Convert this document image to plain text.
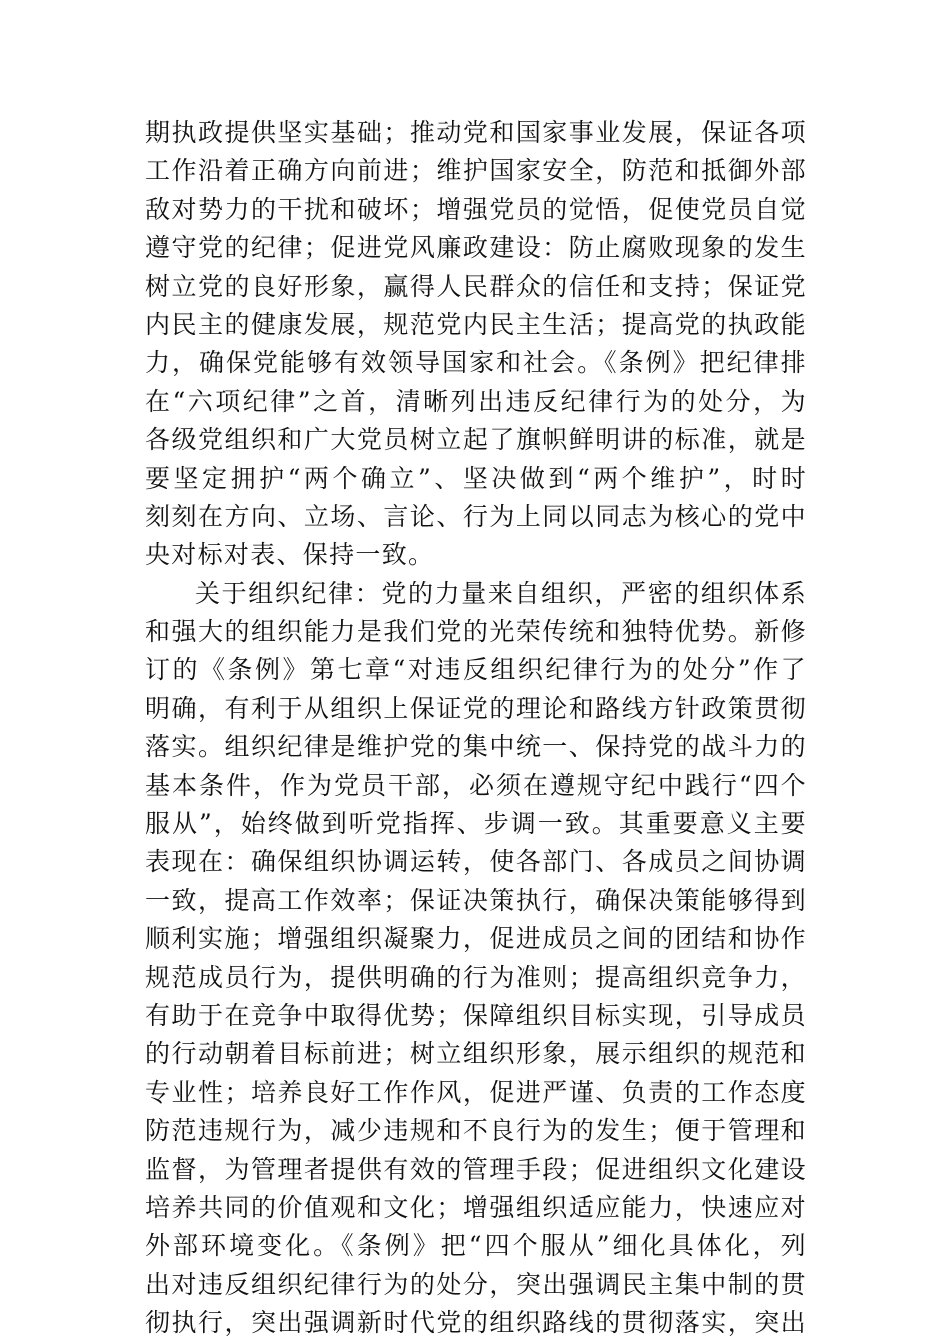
期执政提供坚实基础；推动党和国家事业发展，保证各项
工作沿着正确方向前进；维护国家安全，防范和抵御外部
敌对势力的干扰和破坏；增强党员的觉悟，促使党员自觉
遵守党的纪律；促进党风廉政建设：防止腐败现象的发生
树立党的良好形象，赢得人民群众的信任和支持；保证党
内民主的健康发展，规范党内民主生活；提高党的执政能
力，确保党能够有效领导国家和社会。《条例》把纪律排
在“六项纪律”之首，清晰列出违反纪律行为的处分，为
各级党组织和广大党员树立起了旗帜鲜明讲的标准，就是
要坚定拥护“两个确立”、坚决做到“两个维护”，时时
刻刻在方向、立场、言论、行为上同以同志为核心的党中
央对标对表、保持一致。
关于组织纪律：党的力量来自组织，严密的组织体系
和强大的组织能力是我们党的光荣传统和独特优势。新修
订的《条例》第七章“对违反组织纪律行为的处分”作了
明确，有利于从组织上保证党的理论和路线方针政策贯彻
落实。组织纪律是维护党的集中统一、保持党的战斗力的
基本条件，作为党员干部，必须在遵规守纪中践行“四个
服从”，始终做到听党指挥、步调一致。其重要意义主要
表现在：确保组织协调运转，使各部门、各成员之间协调
一致，提高工作效率；保证决策执行，确保决策能够得到
顺利实施；增强组织凝聚力，促进成员之间的团结和协作
规范成员行为，提供明确的行为准则；提高组织竞争力，
有助于在竞争中取得优势；保障组织目标实现，引导成员
的行动朝着目标前进；树立组织形象，展示组织的规范和
专业性；培养良好工作作风，促进严谨、负责的工作态度
防范违规行为，减少违规和不良行为的发生；便于管理和
监督，为管理者提供有效的管理手段；促进组织文化建设
培养共同的价值观和文化；增强组织适应能力，快速应对
外部环境变化。《条例》把“四个服从”细化具体化，列
出对违反组织纪律行为的处分，突出强调民主集中制的贯
彻执行，突出强调新时代党的组织路线的贯彻落实，突出
